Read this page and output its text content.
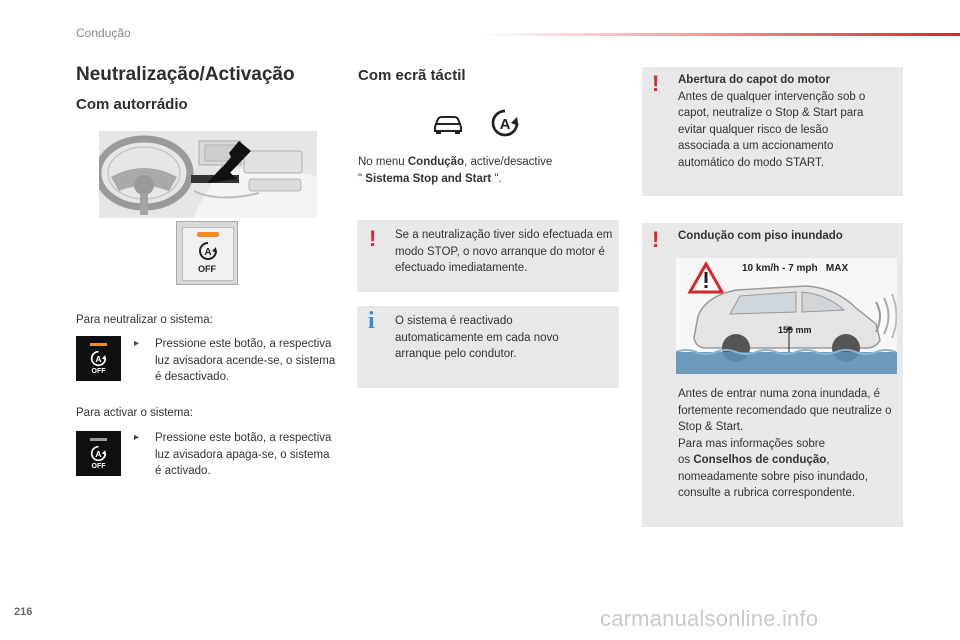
Condução
Neutralização/Activação
Com autorrádio
A
OFF
Para neutralizar o sistema:
A
OFF
▸ Pressione este botão, a respectiva luz avisadora acende-se, o sistema é desactivado.
Para activar o sistema:
A
OFF
▸ Pressione este botão, a respectiva luz avisadora apaga-se, o sistema é activado.
Com ecrã táctil
A
No menu Condução, active/desactive
" Sistema Stop and Start ".
! Se a neutralização tiver sido efectuada em modo STOP, o novo arranque do motor é efectuado imediatamente.
i O sistema é reactivado automaticamente em cada novo arranque pelo condutor.
! Abertura do capot do motor
Antes de qualquer intervenção sob o capot, neutralize o Stop & Start para evitar qualquer risco de lesão associada a um accionamento automático do modo START.
! Condução com piso inundado
10 km/h - 7 mph   MAX
150 mm
Antes de entrar numa zona inundada, é fortemente recomendado que neutralize o Stop & Start.
Para mas informações sobre
os Conselhos de condução,
nomeadamente sobre piso inundado, consulte a rubrica correspondente.
216	carmanualsonline.info
